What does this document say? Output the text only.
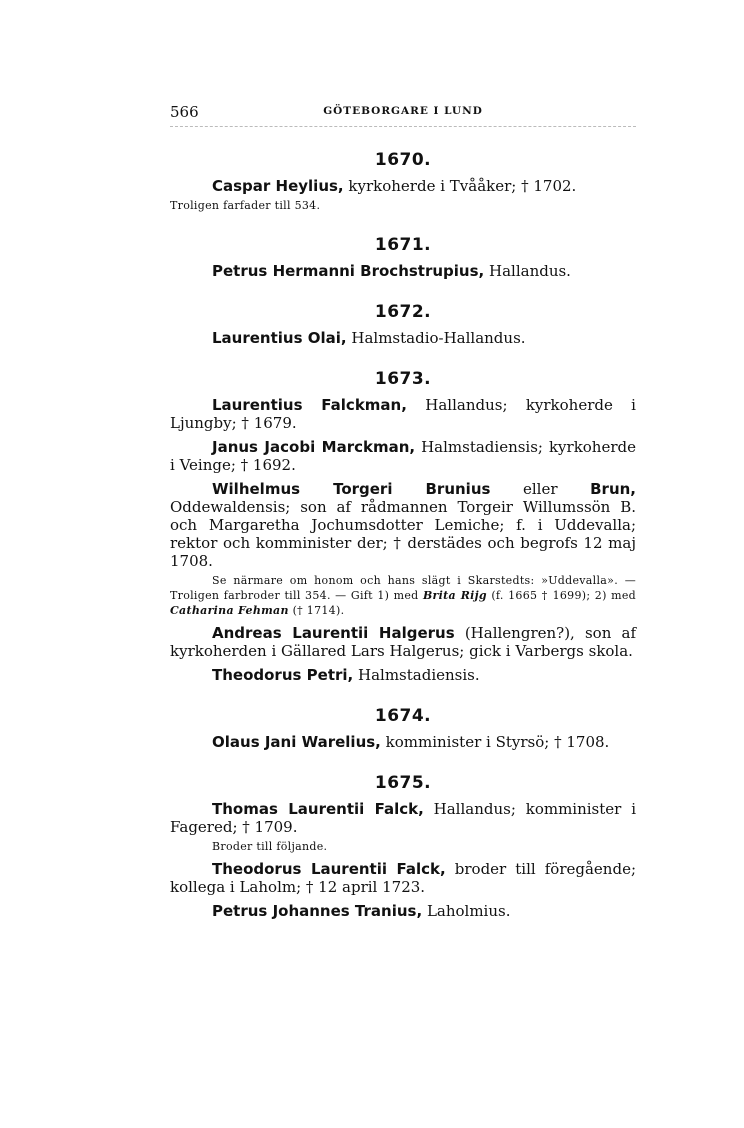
566	GÖTEBORGARE I LUND
1670.

Caspar Heylius, kyrkoherde i Tvååker; † 1702.

Troligen farfader till 534.

1671.

Petrus Hermanni Brochstrupius, Hallandus.

1672.

Laurentius Olai, Halmstadio-Hallandus.

1673.

Laurentius Falckman, Hallandus; kyrkoherde i Ljungby; † 1679.

Janus Jacobi Marckman, Halmstadiensis; kyrkoherde i Veinge; † 1692.

Wilhelmus Torgeri Brunius eller Brun, Oddewaldensis; son af rådmannen Torgeir Willumssön B. och Margaretha Jochumsdotter Lemiche; f. i Uddevalla; rektor och komminister der; † derstädes och begrofs 12 maj 1708.

Se närmare om honom och hans slägt i Skarstedts: »Uddevalla». — Troligen farbroder till 354. — Gift 1) med Brita Rijg (f. 1665 † 1699); 2) med Catharina Fehman († 1714).

Andreas Laurentii Halgerus (Hallengren?), son af kyrkoherden i Gällared Lars Halgerus; gick i Varbergs skola.

Theodorus Petri, Halmstadiensis.

1674.

Olaus Jani Warelius, komminister i Styrsö; † 1708.

1675.

Thomas Laurentii Falck, Hallandus; komminister i Fagered; † 1709.

Broder till följande.

Theodorus Laurentii Falck, broder till föregående; kollega i Laholm; † 12 april 1723.

Petrus Johannes Tranius, Laholmius.
